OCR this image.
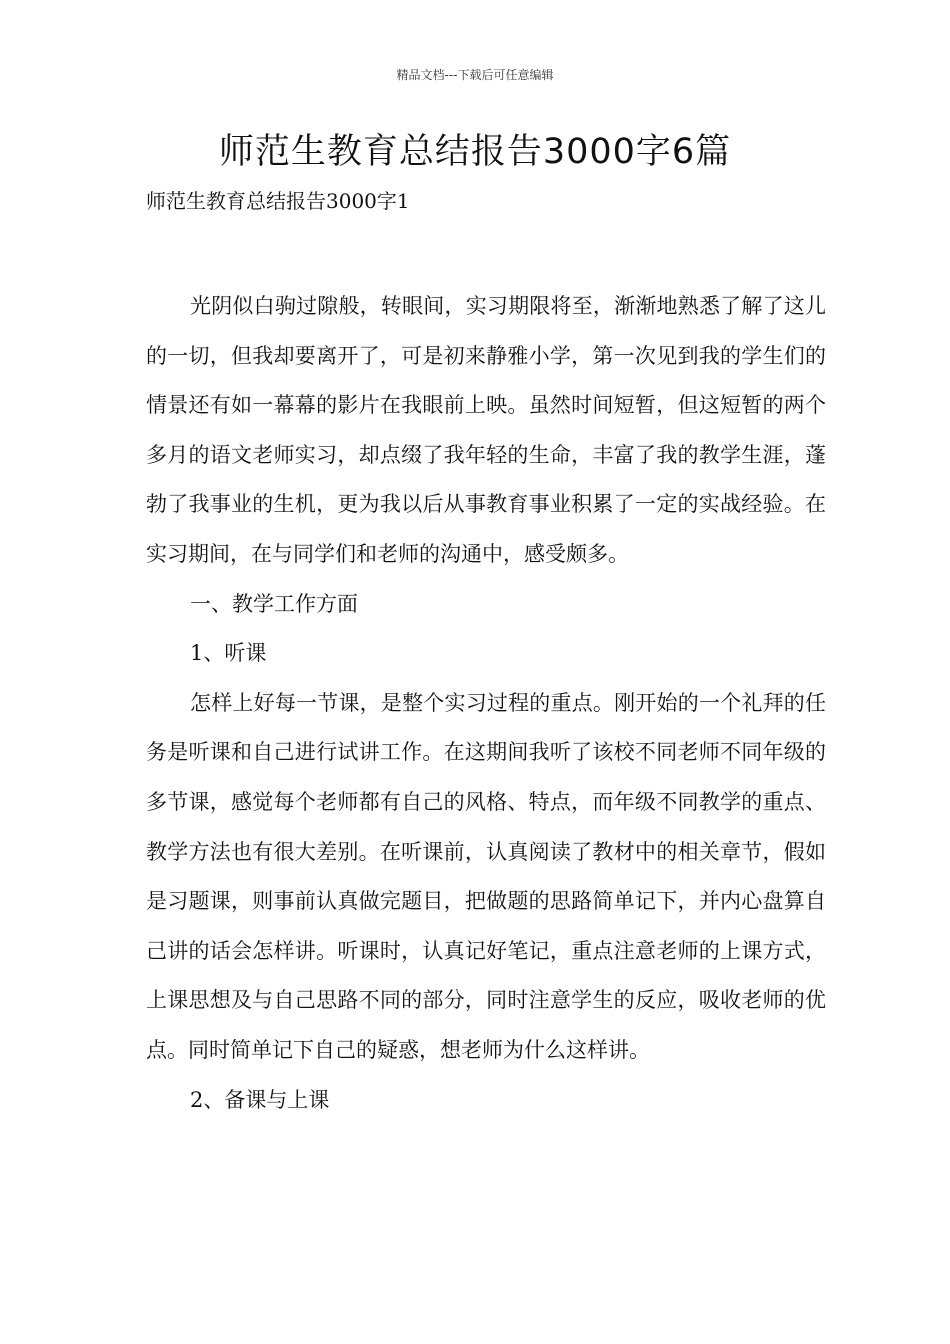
精品文档---下载后可任意编辑
师范生教育总结报告3000字6篇

师范生教育总结报告3000字1

光阴似白驹过隙般，转眼间，实习期限将至，渐渐地熟悉了解了这儿的一切，但我却要离开了，可是初来静雅小学，第一次见到我的学生们的情景还有如一幕幕的影片在我眼前上映。虽然时间短暂，但这短暂的两个多月的语文老师实习，却点缀了我年轻的生命，丰富了我的教学生涯，蓬勃了我事业的生机，更为我以后从事教育事业积累了一定的实战经验。在实习期间，在与同学们和老师的沟通中，感受颇多。

一、教学工作方面

1、听课

怎样上好每一节课，是整个实习过程的重点。刚开始的一个礼拜的任务是听课和自己进行试讲工作。在这期间我听了该校不同老师不同年级的多节课，感觉每个老师都有自己的风格、特点，而年级不同教学的重点、教学方法也有很大差别。在听课前，认真阅读了教材中的相关章节，假如是习题课，则事前认真做完题目，把做题的思路简单记下，并内心盘算自己讲的话会怎样讲。听课时，认真记好笔记，重点注意老师的上课方式，上课思想及与自己思路不同的部分，同时注意学生的反应，吸收老师的优点。同时简单记下自己的疑惑，想老师为什么这样讲。

2、备课与上课
